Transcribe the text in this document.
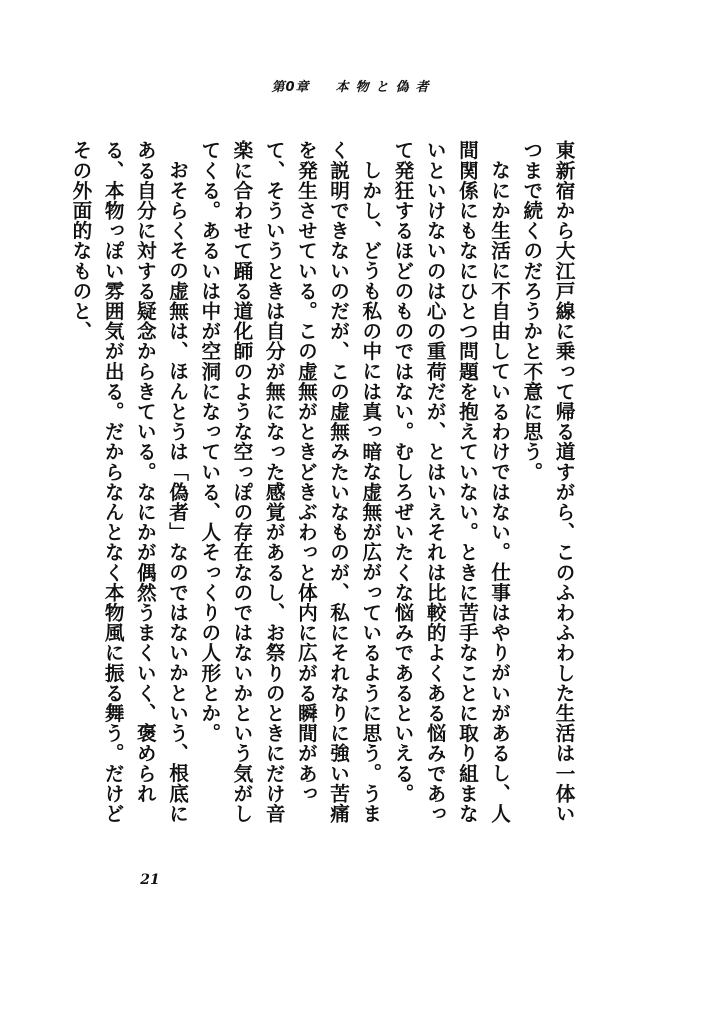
第0章 本物と偽者

東新宿から大江戸線に乗って帰る道すがら、このふわふわした生活は一体いつまで続くのだろうかと不意に思う。

なにか生活に不自由しているわけではない。仕事はやりがいがあるし、人間関係にもなにひとつ問題を抱えていない。ときに苦手なことに取り組まないといけないのは心の重荷だが、とはいえそれは比較的よくある悩みであって発狂するほどのものではない。むしろぜいたくな悩みであるといえる。

しかし、どうも私の中には真っ暗な虚無が広がっているように思う。うまく説明できないのだが、この虚無みたいなものが、私にそれなりに強い苦痛を発生させている。この虚無がときどきぶわっと体内に広がる瞬間があって、そういうときは自分が無になった感覚があるし、お祭りのときにだけ音楽に合わせて踊る道化師のような空っぽの存在なのではないかという気がしてくる。あるいは中が空洞になっている、人そっくりの人形とか。

おそらくその虚無は、ほんとうは「偽者」なのではないかという、根底にある自分に対する疑念からきている。なにかが偶然うまくいく、褒められる、本物っぽい雰囲気が出る。だからなんとなく本物風に振る舞う。だけどその外面的なものと、

21
